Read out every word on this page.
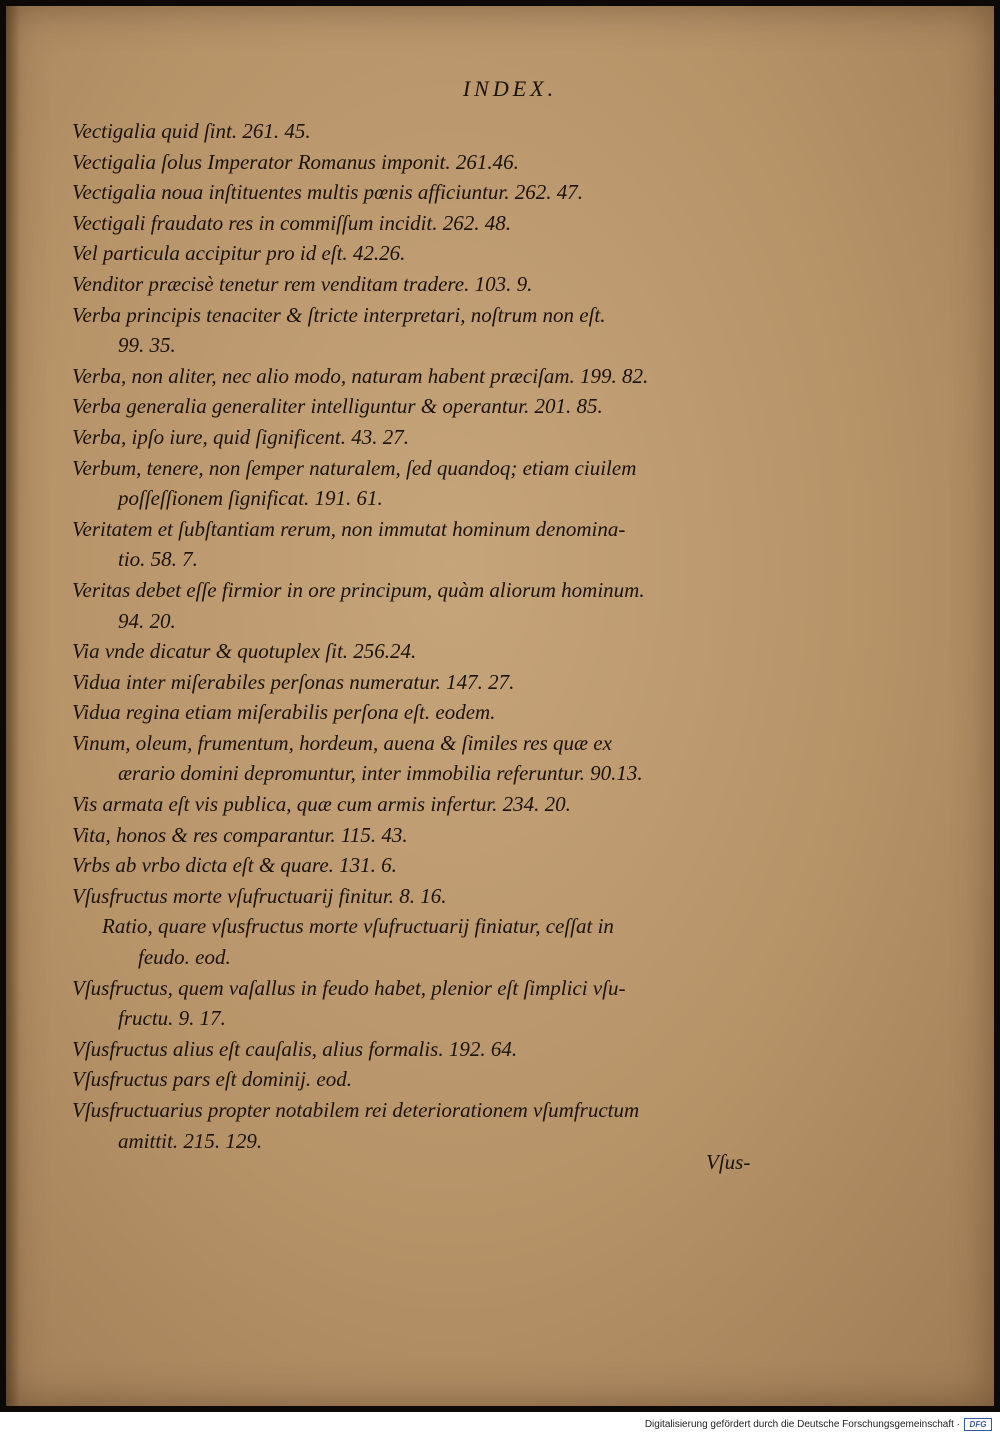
INDEX.
Vectigalia quid ſint. 261. 45.
Vectigalia ſolus Imperator Romanus imponit. 261.46.
Vectigalia noua inſtituentes multis pœnis afficiuntur. 262. 47.
Vectigali fraudato res in commiſſum incidit. 262. 48.
Vel particula accipitur pro id eſt. 42.26.
Venditor præcisè tenetur rem venditam tradere. 103. 9.
Verba principis tenaciter & ſtricte interpretari, noſtrum non eſt.
99. 35.
Verba, non aliter, nec alio modo, naturam habent præciſam. 199. 82.
Verba generalia generaliter intelliguntur & operantur. 201. 85.
Verba, ipſo iure, quid ſignificent. 43. 27.
Verbum, tenere, non ſemper naturalem, ſed quandoq; etiam ciuilem
poſſeſſionem ſignificat. 191. 61.
Veritatem et ſubſtantiam rerum, non immutat hominum denomina-
tio. 58. 7.
Veritas debet eſſe firmior in ore principum, quàm aliorum hominum.
94. 20.
Via vnde dicatur & quotuplex ſit. 256.24.
Vidua inter miſerabiles perſonas numeratur. 147. 27.
Vidua regina etiam miſerabilis perſona eſt. eodem.
Vinum, oleum, frumentum, hordeum, auena & ſimiles res quæ ex
ærario domini depromuntur, inter immobilia referuntur. 90.13.
Vis armata eſt vis publica, quæ cum armis infertur. 234. 20.
Vita, honos & res comparantur. 115. 43.
Vrbs ab vrbo dicta eſt & quare. 131. 6.
Vſusfructus morte vſufructuarij finitur. 8. 16.
Ratio, quare vſusfructus morte vſufructuarij finiatur, ceſſat in
feudo. eod.
Vſusfructus, quem vaſallus in feudo habet, plenior eſt ſimplici vſu-
fructu. 9. 17.
Vſusfructus alius eſt cauſalis, alius formalis. 192. 64.
Vſusfructus pars eſt dominij. eod.
Vſusfructuarius propter notabilem rei deteriorationem vſumfructum
amittit. 215. 129.
Vſus-
Digitalisierung gefördert durch die Deutsche Forschungsgemeinschaft ·	DFG
